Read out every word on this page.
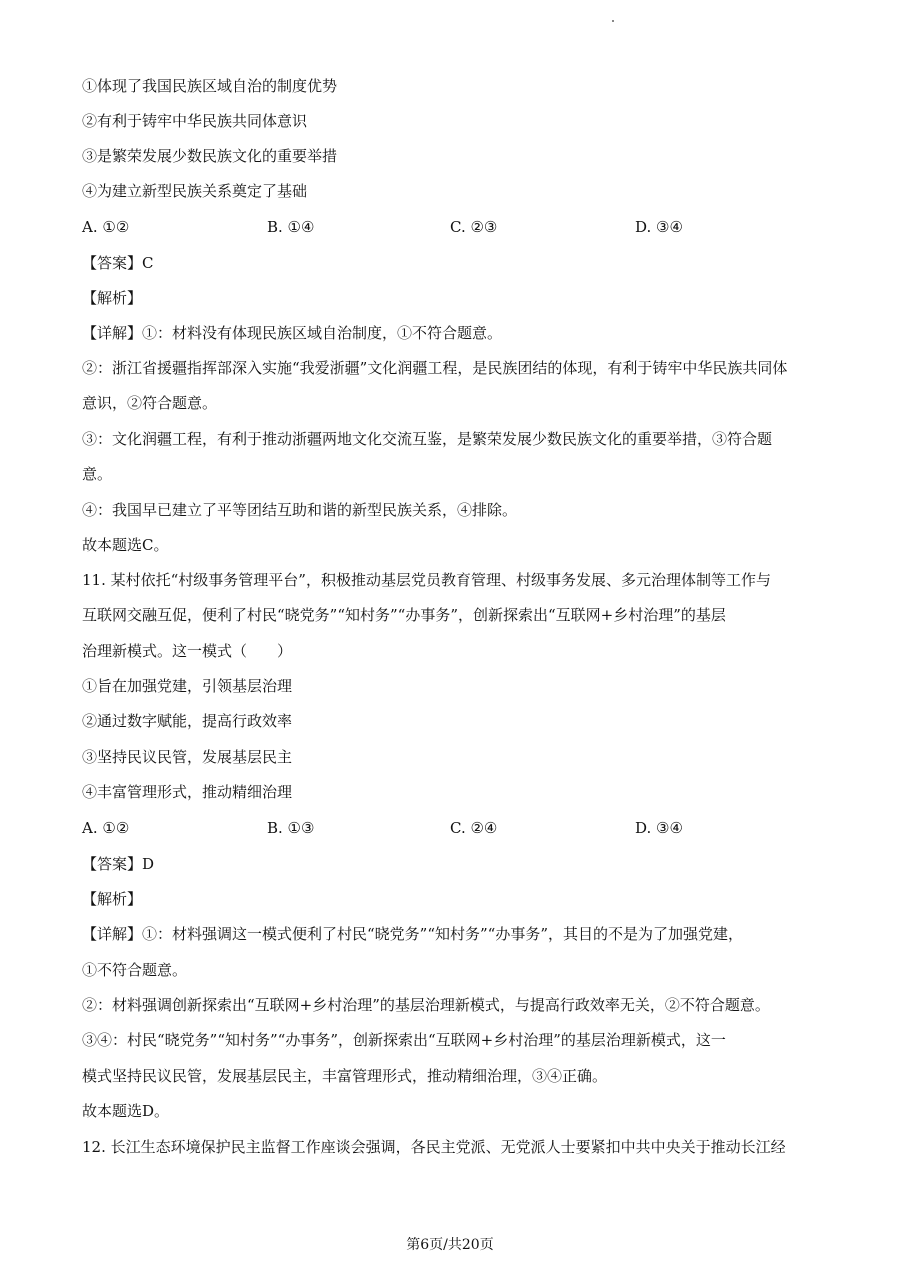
①体现了我国民族区域自治的制度优势
②有利于铸牢中华民族共同体意识
③是繁荣发展少数民族文化的重要举措
④为建立新型民族关系奠定了基础
A. ①②	B. ①④	C. ②③	D. ③④
【答案】C
【解析】
【详解】①：材料没有体现民族区域自治制度，①不符合题意。
②：浙江省援疆指挥部深入实施“我爱浙疆”文化润疆工程，是民族团结的体现，有利于铸牢中华民族共同体
意识，②符合题意。
③：文化润疆工程，有利于推动浙疆两地文化交流互鉴，是繁荣发展少数民族文化的重要举措，③符合题
意。
④：我国早已建立了平等团结互助和谐的新型民族关系，④排除。
故本题选C。
11. 某村依托“村级事务管理平台”，积极推动基层党员教育管理、村级事务发展、多元治理体制等工作与
互联网交融互促，便利了村民“晓党务”“知村务”“办事务”，创新探索出“互联网+乡村治理”的基层
治理新模式。这一模式（　　）
①旨在加强党建，引领基层治理
②通过数字赋能，提高行政效率
③坚持民议民管，发展基层民主
④丰富管理形式，推动精细治理
A. ①②	B. ①③	C. ②④	D. ③④
【答案】D
【解析】
【详解】①：材料强调这一模式便利了村民“晓党务”“知村务”“办事务”，其目的不是为了加强党建，
①不符合题意。
②：材料强调创新探索出“互联网+乡村治理”的基层治理新模式，与提高行政效率无关，②不符合题意。
③④：村民“晓党务”“知村务”“办事务”，创新探索出“互联网+乡村治理”的基层治理新模式，这一
模式坚持民议民管，发展基层民主，丰富管理形式，推动精细治理，③④正确。
故本题选D。
12. 长江生态环境保护民主监督工作座谈会强调，各民主党派、无党派人士要紧扣中共中央关于推动长江经
第6页/共20页
